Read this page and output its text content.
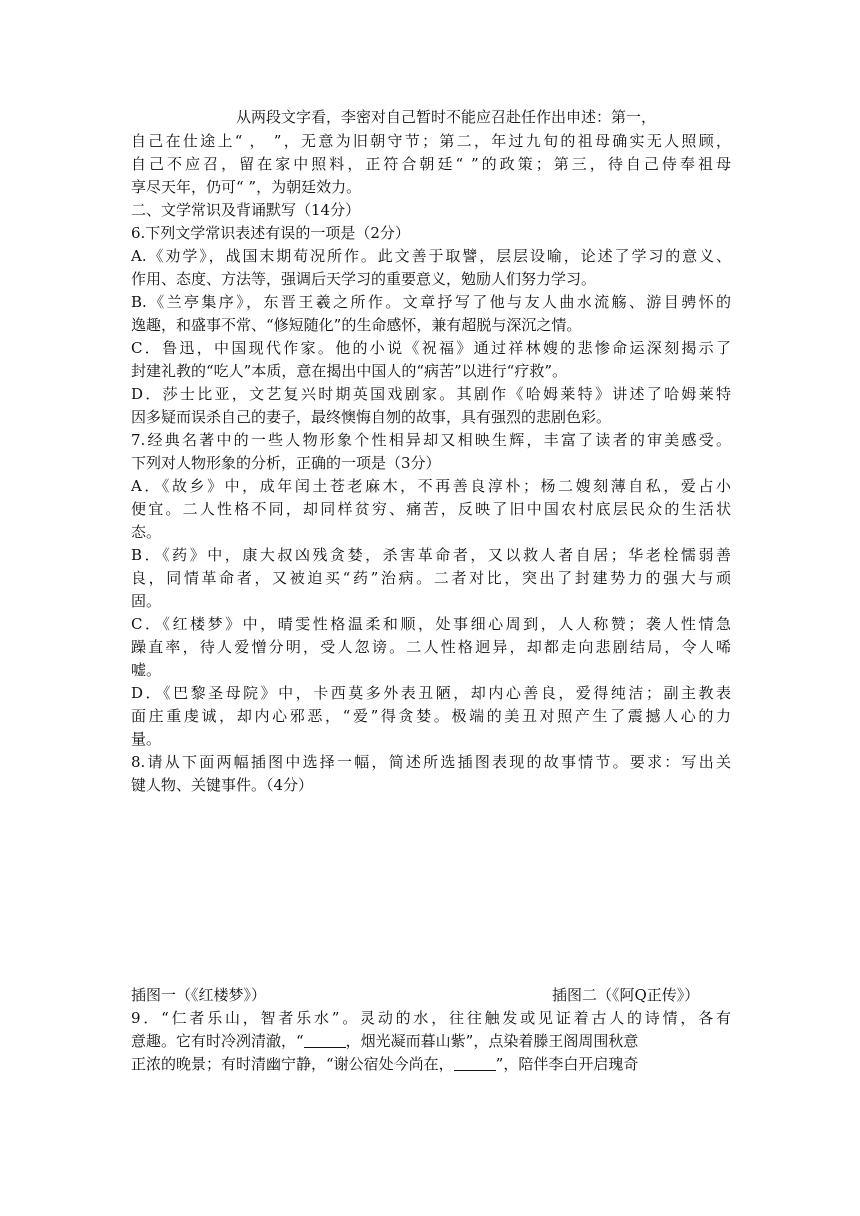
从两段文字看，李密对自己暂时不能应召赴任作出申述：第一，
自己在仕途上“ ， ”，无意为旧朝守节；第二，年过九旬的祖母确实无人照顾，
自己不应召，留在家中照料，正符合朝廷“ ”的政策；第三，待自己侍奉祖母
享尽天年，仍可“ ”，为朝廷效力。
二、文学常识及背诵默写（14分）
6.下列文学常识表述有误的一项是（2分）
A.《劝学》，战国末期荀况所作。此文善于取譬，层层设喻，论述了学习的意义、
作用、态度、方法等，强调后天学习的重要意义，勉励人们努力学习。
B.《兰亭集序》，东晋王羲之所作。文章抒写了他与友人曲水流觞、游目骋怀的
逸趣，和盛事不常、“修短随化”的生命感怀，兼有超脱与深沉之情。
C．鲁迅，中国现代作家。他的小说《祝福》通过祥林嫂的悲惨命运深刻揭示了
封建礼教的“吃人”本质，意在揭出中国人的“病苦”以进行“疗救”。
D．莎士比亚，文艺复兴时期英国戏剧家。其剧作《哈姆莱特》讲述了哈姆莱特
因多疑而误杀自己的妻子，最终懊悔自刎的故事，具有强烈的悲剧色彩。
7.经典名著中的一些人物形象个性相异却又相映生辉，丰富了读者的审美感受。
下列对人物形象的分析，正确的一项是（3分）
A．《故乡》中，成年闰土苍老麻木，不再善良淳朴；杨二嫂刻薄自私，爱占小
便宜。二人性格不同，却同样贫穷、痛苦，反映了旧中国农村底层民众的生活状
态。
B．《药》中，康大叔凶残贪婪，杀害革命者，又以救人者自居；华老栓懦弱善
良，同情革命者，又被迫买“药”治病。二者对比，突出了封建势力的强大与顽
固。
C．《红楼梦》中，晴雯性格温柔和顺，处事细心周到，人人称赞；袭人性情急
躁直率，待人爱憎分明，受人忽谤。二人性格迥异，却都走向悲剧结局，令人唏
嘘。
D．《巴黎圣母院》中，卡西莫多外表丑陋，却内心善良，爱得纯洁；副主教表
面庄重虔诚，却内心邪恶，“爱”得贪婪。极端的美丑对照产生了震撼人心的力
量。
8.请从下面两幅插图中选择一幅，简述所选插图表现的故事情节。要求：写出关
键人物、关键事件。（4分）
插图一（《红楼梦》）	插图二（《阿Q正传》）
9．“仁者乐山，智者乐水”。灵动的水，往往触发或见证着古人的诗情，各有
意趣。它有时冷冽清澈，“	，烟光凝而暮山紫”，点染着滕王阁周围秋意
正浓的晚景；有时清幽宁静，“谢公宿处今尚在，	”，陪伴李白开启瑰奇
